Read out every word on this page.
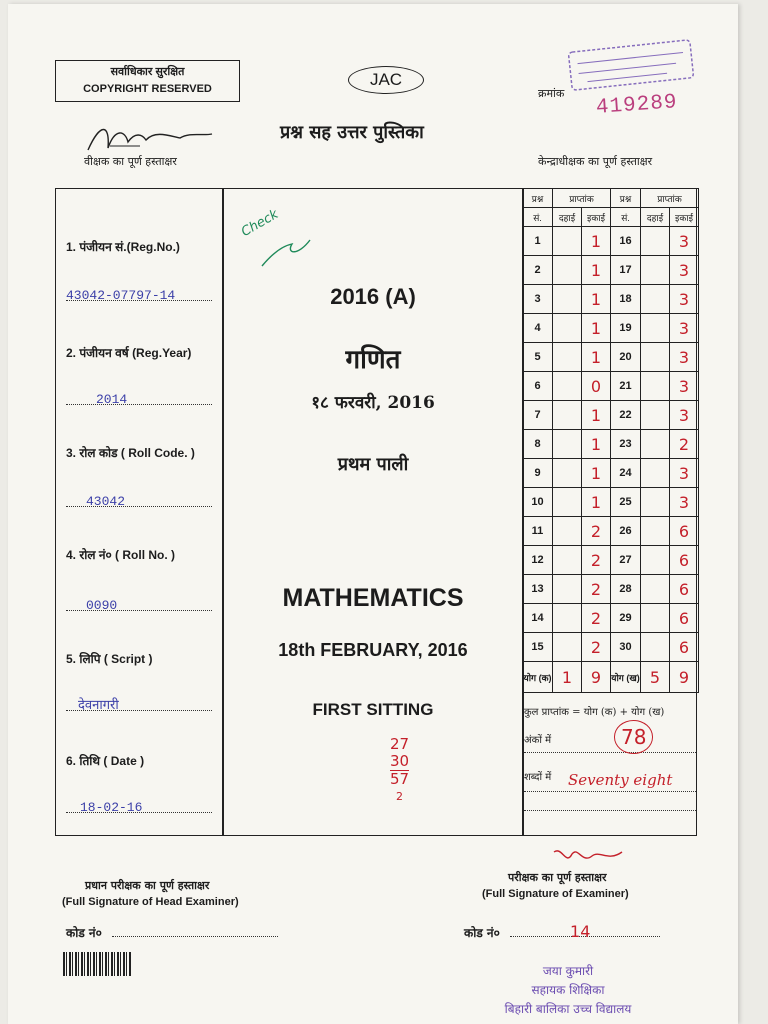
सर्वाधिकार सुरक्षित
COPYRIGHT RESERVED	JAC
क्रमांक 419289
प्रश्न सह उत्तर पुस्तिका
वीक्षक का पूर्ण हस्ताक्षर	केन्द्राधीक्षक का पूर्ण हस्ताक्षर
1. पंजीयन सं.(Reg.No.)
43042-07797-14
2. पंजीयन वर्ष (Reg.Year)
2014
3. रोल कोड ( Roll Code. )
43042
4. रोल नं० ( Roll No. )
0090
5. लिपि ( Script )
देवनागरी
6. तिथि ( Date )
18-02-16
Check
2016 (A)
गणित
१८ फरवरी, 2016
प्रथम पाली
MATHEMATICS
18th FEBRUARY, 2016
FIRST SITTING
27
30
57
2
प्रश्न	प्राप्तांक		प्रश्न	प्राप्तांक	
सं.	दहाई	इकाई	सं.	दहाई	इकाई
1		1	16		3
2		1	17		3
3		1	18		3
4		1	19		3
5		1	20		3
6		0	21		3
7		1	22		3
8		1	23		2
9		1	24		3
10		1	25		3
11		2	26		6
12		2	27		6
13		2	28		6
14		2	29		6
15		2	30		6
योग (क)	1	9	योग (ख)	5	9
कुल प्राप्तांक = योग (क) + योग (ख)
अंकों में	78
शब्दों में Seventy eight
प्रधान परीक्षक का पूर्ण हस्ताक्षर
(Full Signature of Head Examiner)
कोड नं०
परीक्षक का पूर्ण हस्ताक्षर
(Full Signature of Examiner)
कोड नं०	14
जया कुमारी
सहायक शिक्षिका
बिहारी बालिका उच्च विद्यालय
